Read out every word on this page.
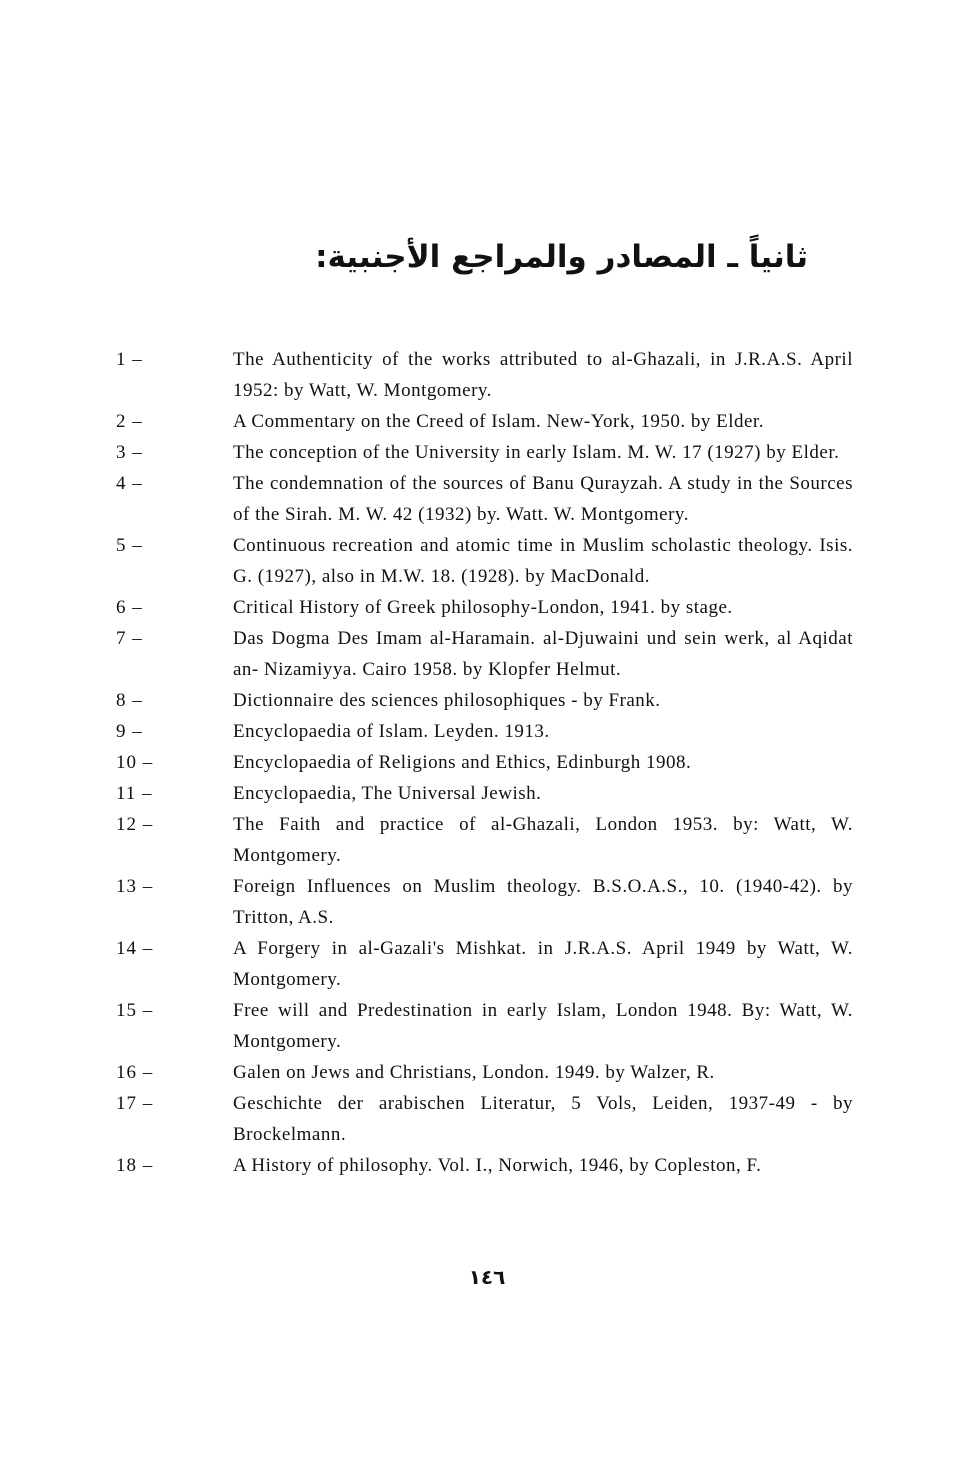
ثانياً ـ المصادر والمراجع الأجنبية:
1 –	The Authenticity of the works attributed to al-Ghazali, in J.R.A.S. April 1952: by Watt, W. Montgomery.
2 –	A Commentary on the Creed of Islam. New-York, 1950. by Elder.
3 –	The conception of the University in early Islam. M. W. 17 (1927) by Elder.
4 –	The condemnation of the sources of Banu Qurayzah. A study in the Sources of the Sirah. M. W. 42 (1932) by. Watt. W. Montgomery.
5 –	Continuous recreation and atomic time in Muslim scholastic theology. Isis. G. (1927), also in M.W. 18. (1928). by MacDonald.
6 –	Critical History of Greek philosophy-London, 1941. by stage.
7 –	Das Dogma Des Imam al-Haramain. al-Djuwaini und sein werk, al Aqidat an- Nizamiyya. Cairo 1958. by Klopfer Helmut.
8 –	Dictionnaire des sciences philosophiques - by Frank.
9 –	Encyclopaedia of Islam. Leyden. 1913.
10 –	Encyclopaedia of Religions and Ethics, Edinburgh 1908.
11 –	Encyclopaedia, The Universal Jewish.
12 –	The Faith and practice of al-Ghazali, London 1953. by: Watt, W. Montgomery.
13 –	Foreign Influences on Muslim theology. B.S.O.A.S., 10. (1940-42). by Tritton, A.S.
14 –	A Forgery in al-Gazali's Mishkat. in J.R.A.S. April 1949 by Watt, W. Montgomery.
15 –	Free will and Predestination in early Islam, London 1948. By: Watt, W. Montgomery.
16 –	Galen on Jews and Christians, London. 1949. by Walzer, R.
17 –	Geschichte der arabischen Literatur, 5 Vols, Leiden, 1937-49 - by Brockelmann.
18 –	A History of philosophy. Vol. I., Norwich, 1946, by Copleston, F.
١٤٦
